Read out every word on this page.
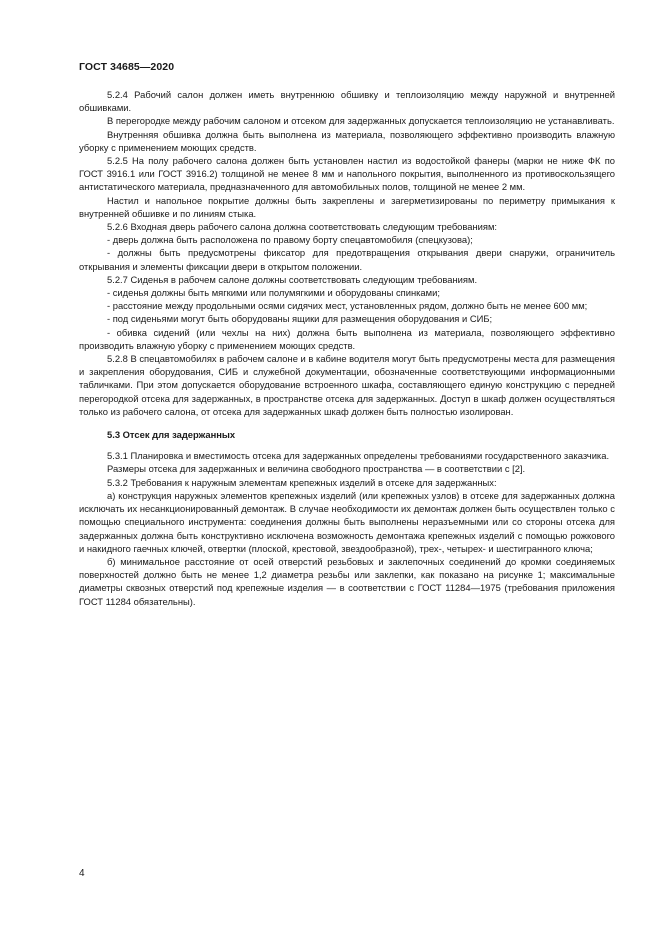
ГОСТ 34685—2020

5.2.4 Рабочий салон должен иметь внутреннюю обшивку и теплоизоляцию между наружной и внутренней обшивками.

В перегородке между рабочим салоном и отсеком для задержанных допускается теплоизоляцию не устанавливать.

Внутренняя обшивка должна быть выполнена из материала, позволяющего эффективно производить влажную уборку с применением моющих средств.

5.2.5 На полу рабочего салона должен быть установлен настил из водостойкой фанеры (марки не ниже ФК по ГОСТ 3916.1 или ГОСТ 3916.2) толщиной не менее 8 мм и напольного покрытия, выполненного из противоскользящего антистатического материала, предназначенного для автомобильных полов, толщиной не менее 2 мм.

Настил и напольное покрытие должны быть закреплены и загерметизированы по периметру примыкания к внутренней обшивке и по линиям стыка.

5.2.6 Входная дверь рабочего салона должна соответствовать следующим требованиям:

- дверь должна быть расположена по правому борту спецавтомобиля (спецкузова);

- должны быть предусмотрены фиксатор для предотвращения открывания двери снаружи, ограничитель открывания и элементы фиксации двери в открытом положении.

5.2.7 Сиденья в рабочем салоне должны соответствовать следующим требованиям.

- сиденья должны быть мягкими или полумягкими и оборудованы спинками;

- расстояние между продольными осями сидячих мест, установленных рядом, должно быть не менее 600 мм;

- под сиденьями могут быть оборудованы ящики для размещения оборудования и СИБ;

- обивка сидений (или чехлы на них) должна быть выполнена из материала, позволяющего эффективно производить влажную уборку с применением моющих средств.

5.2.8 В спецавтомобилях в рабочем салоне и в кабине водителя могут быть предусмотрены места для размещения и закрепления оборудования, СИБ и служебной документации, обозначенные соответствующими информационными табличками. При этом допускается оборудование встроенного шкафа, составляющего единую конструкцию с передней перегородкой отсека для задержанных, в пространстве отсека для задержанных. Доступ в шкаф должен осуществляться только из рабочего салона, от отсека для задержанных шкаф должен быть полностью изолирован.

5.3 Отсек для задержанных

5.3.1 Планировка и вместимость отсека для задержанных определены требованиями государственного заказчика.

Размеры отсека для задержанных и величина свободного пространства — в соответствии с [2].

5.3.2 Требования к наружным элементам крепежных изделий в отсеке для задержанных:

а) конструкция наружных элементов крепежных изделий (или крепежных узлов) в отсеке для задержанных должна исключать их несанкционированный демонтаж. В случае необходимости их демонтаж должен быть осуществлен только с помощью специального инструмента: соединения должны быть выполнены неразъемными или со стороны отсека для задержанных должна быть конструктивно исключена возможность демонтажа крепежных изделий с помощью рожкового и накидного гаечных ключей, отвертки (плоской, крестовой, звездообразной), трех-, четырех- и шестигранного ключа;

б) минимальное расстояние от осей отверстий резьбовых и заклепочных соединений до кромки соединяемых поверхностей должно быть не менее 1,2 диаметра резьбы или заклепки, как показано на рисунке 1; максимальные диаметры сквозных отверстий под крепежные изделия — в соответствии с ГОСТ 11284—1975 (требования приложения ГОСТ 11284 обязательны).

4
